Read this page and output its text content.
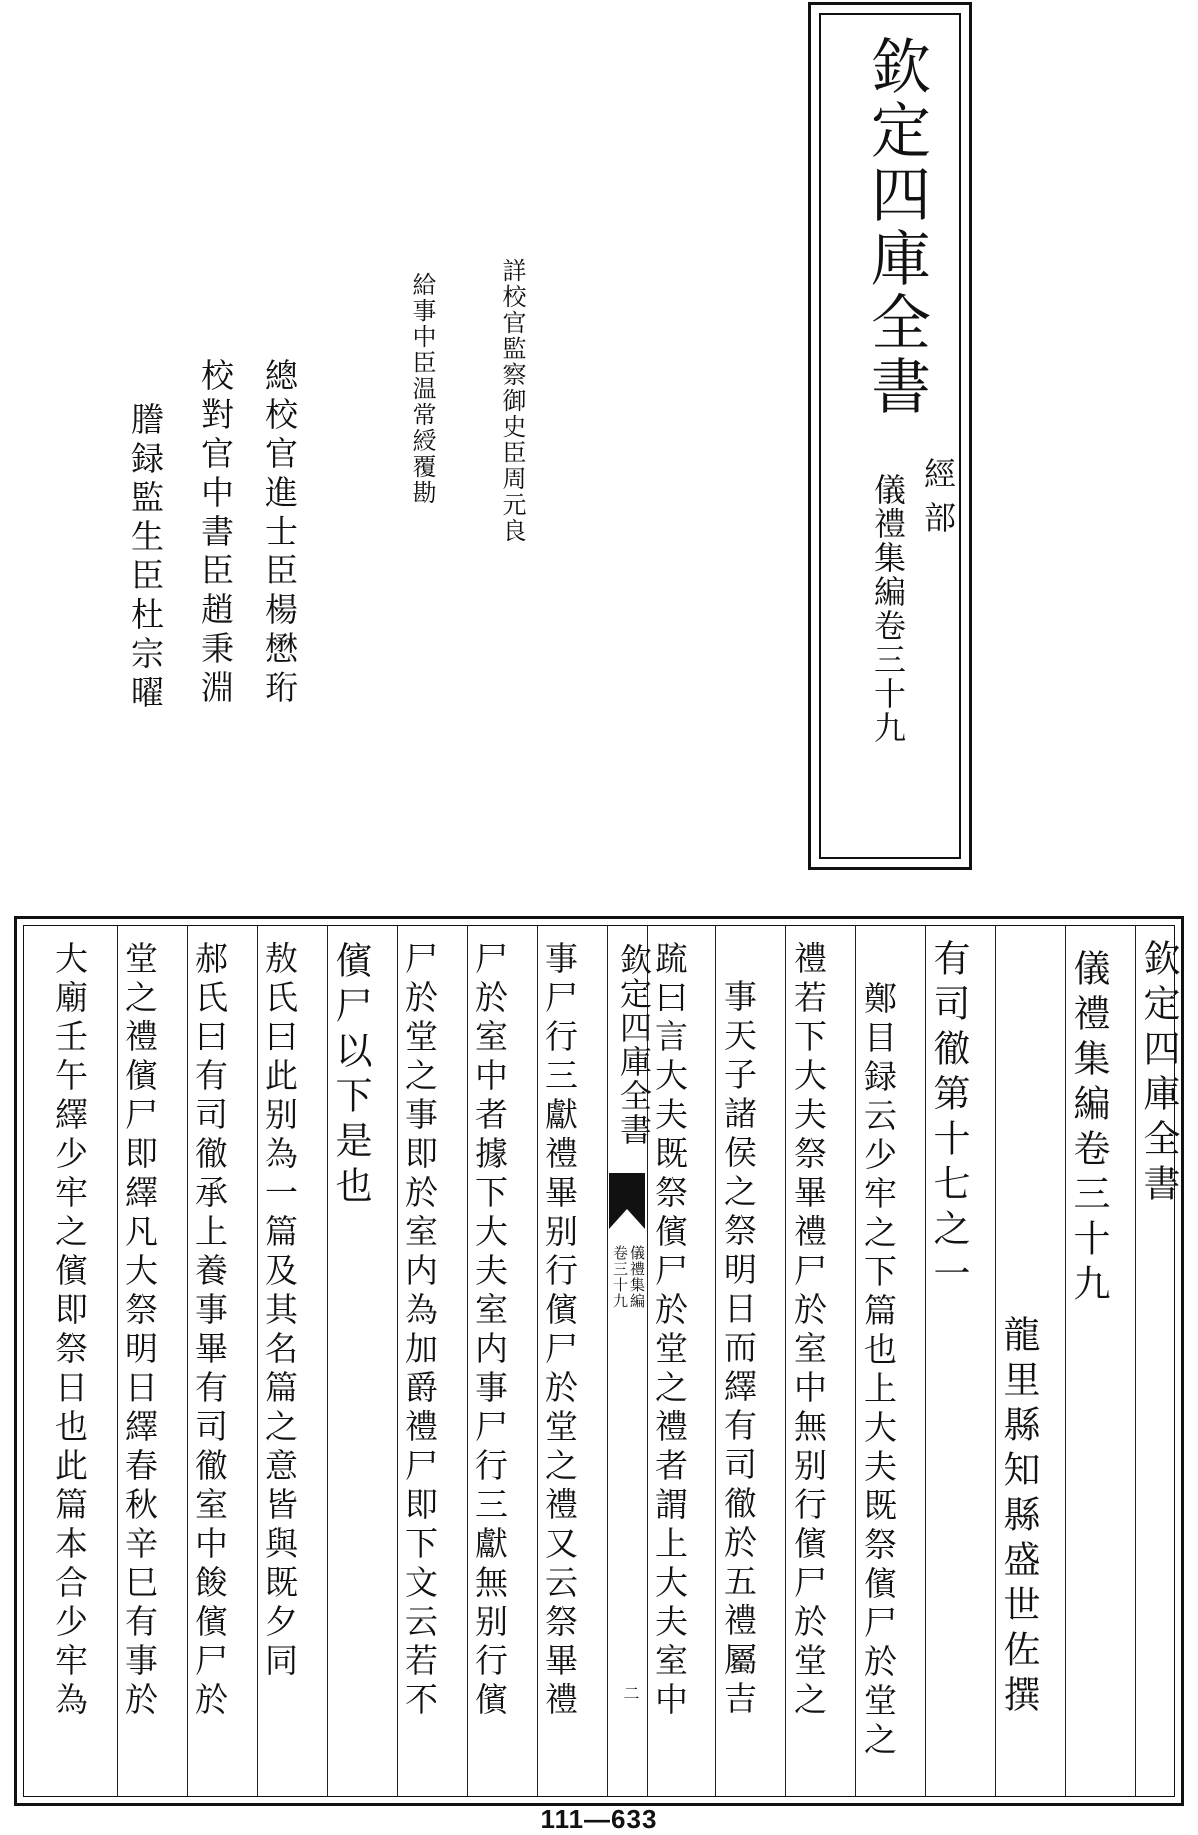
欽定四庫全書
經部
儀禮集編卷三十九
詳校官監察御史臣周元良
給事中臣温常綬覆勘
總校官進士臣楊懋珩
校對官中書臣趙秉淵
謄録監生臣杜宗曜
欽定四庫全書
儀禮集編卷三十九
龍里縣知縣盛世佐撰
有司徹第十七之一
鄭目録云少牢之下篇也上大夫既祭儐尸於堂之
禮若下大夫祭畢禮尸於室中無别行儐尸於堂之
事天子諸侯之祭明日而繹有司徹於五禮屬吉
䟽曰言大夫既祭儐尸於堂之禮者謂上大夫室中
欽定四庫全書
儀禮集編
卷三十九
二
事尸行三獻禮畢别行儐尸於堂之禮又云祭畢禮
尸於室中者據下大夫室内事尸行三獻無别行儐
尸於堂之事即於室内為加爵禮尸即下文云若不
儐尸以下是也
敖氏曰此别為一篇及其名篇之意皆與既夕同
郝氏曰有司徹承上養事畢有司徹室中餕儐尸於
堂之禮儐尸即繹凡大祭明日繹春秋辛巳有事於
大廟壬午繹少牢之儐即祭日也此篇本合少牢為
111—633
